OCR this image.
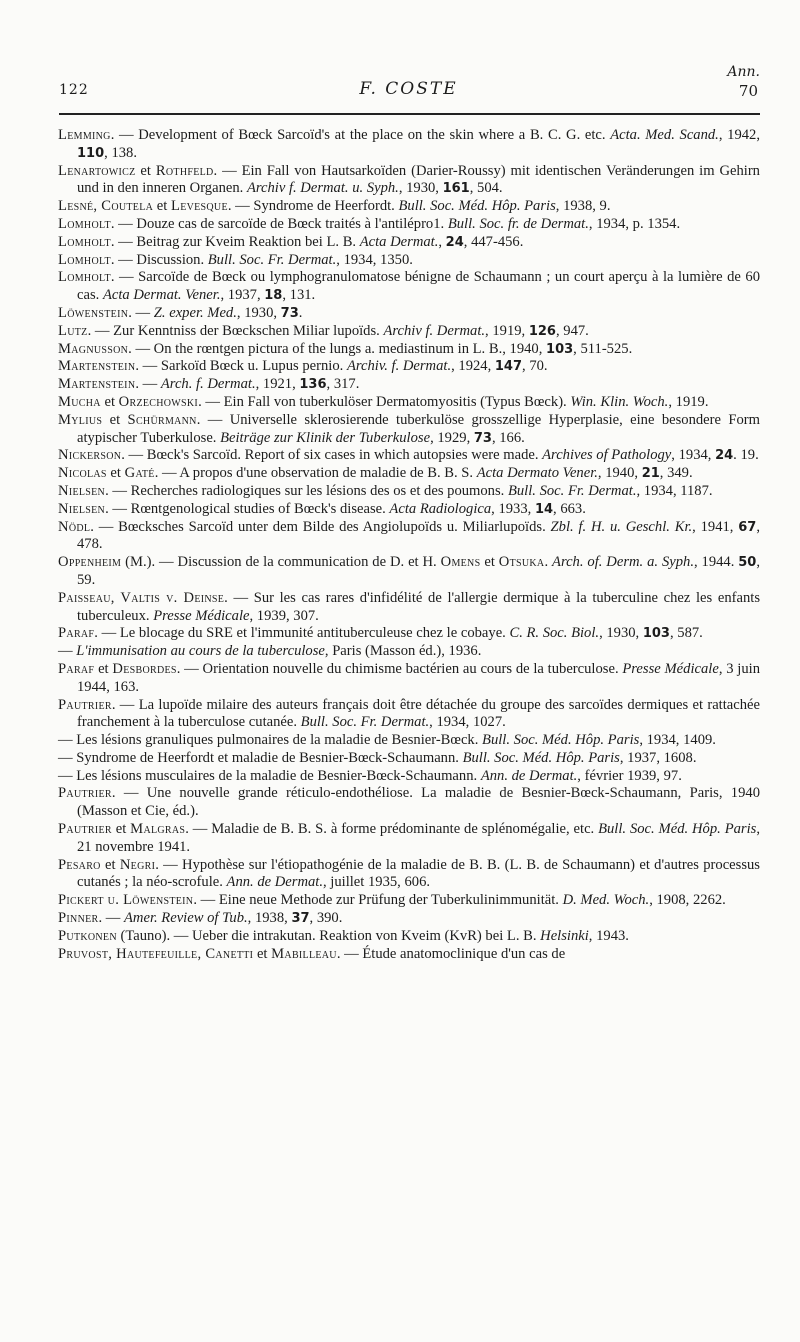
122	F. COSTE
Ann.
70

Lemming. — Development of Bœck Sarcoïd's at the place on the skin where a B. C. G. etc. Acta. Med. Scand., 1942, 110, 138.

Lenartowicz et Rothfeld. — Ein Fall von Hautsarkoïden (Darier-Roussy) mit identischen Veränderungen im Gehirn und in den inneren Organen. Archiv f. Dermat. u. Syph., 1930, 161, 504.

Lesné, Coutela et Levesque. — Syndrome de Heerfordt. Bull. Soc. Méd. Hôp. Paris, 1938, 9.

Lomholt. — Douze cas de sarcoïde de Bœck traités à l'antilépro1. Bull. Soc. fr. de Dermat., 1934, p. 1354.

Lomholt. — Beitrag zur Kveim Reaktion bei L. B. Acta Dermat., 24, 447-456.

Lomholt. — Discussion. Bull. Soc. Fr. Dermat., 1934, 1350.

Lomholt. — Sarcoïde de Bœck ou lymphogranulomatose bénigne de Schaumann ; un court aperçu à la lumière de 60 cas. Acta Dermat. Vener., 1937, 18, 131.

Löwenstein. — Z. exper. Med., 1930, 73.

Lutz. — Zur Kenntniss der Bœckschen Miliar lupoïds. Archiv f. Dermat., 1919, 126, 947.

Magnusson. — On the rœntgen pictura of the lungs a. mediastinum in L. B., 1940, 103, 511-525.

Martenstein. — Sarkoïd Bœck u. Lupus pernio. Archiv. f. Dermat., 1924, 147, 70.

Martenstein. — Arch. f. Dermat., 1921, 136, 317.

Mucha et Orzechowski. — Ein Fall von tuberkulöser Dermatomyositis (Typus Bœck). Win. Klin. Woch., 1919.

Mylius et Schürmann. — Universelle sklerosierende tuberkulöse grosszellige Hyperplasie, eine besondere Form atypischer Tuberkulose. Beiträge zur Klinik der Tuberkulose, 1929, 73, 166.

Nickerson. — Bœck's Sarcoïd. Report of six cases in which autopsies were made. Archives of Pathology, 1934, 24. 19.

Nicolas et Gaté. — A propos d'une observation de maladie de B. B. S. Acta Dermato Vener., 1940, 21, 349.

Nielsen. — Recherches radiologiques sur les lésions des os et des poumons. Bull. Soc. Fr. Dermat., 1934, 1187.

Nielsen. — Rœntgenological studies of Bœck's disease. Acta Radiologica, 1933, 14, 663.

Nödl. — Bœcksches Sarcoïd unter dem Bilde des Angiolupoïds u. Miliarlupoïds. Zbl. f. H. u. Geschl. Kr., 1941, 67, 478.

Oppenheim (M.). — Discussion de la communication de D. et H. Omens et Otsuka. Arch. of. Derm. a. Syph., 1944. 50, 59.

Paisseau, Valtis v. Deinse. — Sur les cas rares d'infidélité de l'allergie dermique à la tuberculine chez les enfants tuberculeux. Presse Médicale, 1939, 307.

Paraf. — Le blocage du SRE et l'immunité antituberculeuse chez le cobaye. C. R. Soc. Biol., 1930, 103, 587.

— L'immunisation au cours de la tuberculose, Paris (Masson éd.), 1936.

Paraf et Desbordes. — Orientation nouvelle du chimisme bactérien au cours de la tuberculose. Presse Médicale, 3 juin 1944, 163.

Pautrier. — La lupoïde milaire des auteurs français doit être détachée du groupe des sarcoïdes dermiques et rattachée franchement à la tuberculose cutanée. Bull. Soc. Fr. Dermat., 1934, 1027.

— Les lésions granuliques pulmonaires de la maladie de Besnier-Bœck. Bull. Soc. Méd. Hôp. Paris, 1934, 1409.

— Syndrome de Heerfordt et maladie de Besnier-Bœck-Schaumann. Bull. Soc. Méd. Hôp. Paris, 1937, 1608.

— Les lésions musculaires de la maladie de Besnier-Bœck-Schaumann. Ann. de Dermat., février 1939, 97.

Pautrier. — Une nouvelle grande réticulo-endothéliose. La maladie de Besnier-Bœck-Schaumann, Paris, 1940 (Masson et Cie, éd.).

Pautrier et Malgras. — Maladie de B. B. S. à forme prédominante de splénomégalie, etc. Bull. Soc. Méd. Hôp. Paris, 21 novembre 1941.

Pesaro et Negri. — Hypothèse sur l'étiopathogénie de la maladie de B. B. (L. B. de Schaumann) et d'autres processus cutanés ; la néo-scrofule. Ann. de Dermat., juillet 1935, 606.

Pickert u. Löwenstein. — Eine neue Methode zur Prüfung der Tuberkulinimmunität. D. Med. Woch., 1908, 2262.

Pinner. — Amer. Review of Tub., 1938, 37, 390.

Putkonen (Tauno). — Ueber die intrakutan. Reaktion von Kveim (KvR) bei L. B. Helsinki, 1943.

Pruvost, Hautefeuille, Canetti et Mabilleau. — Étude anatomoclinique d'un cas de
